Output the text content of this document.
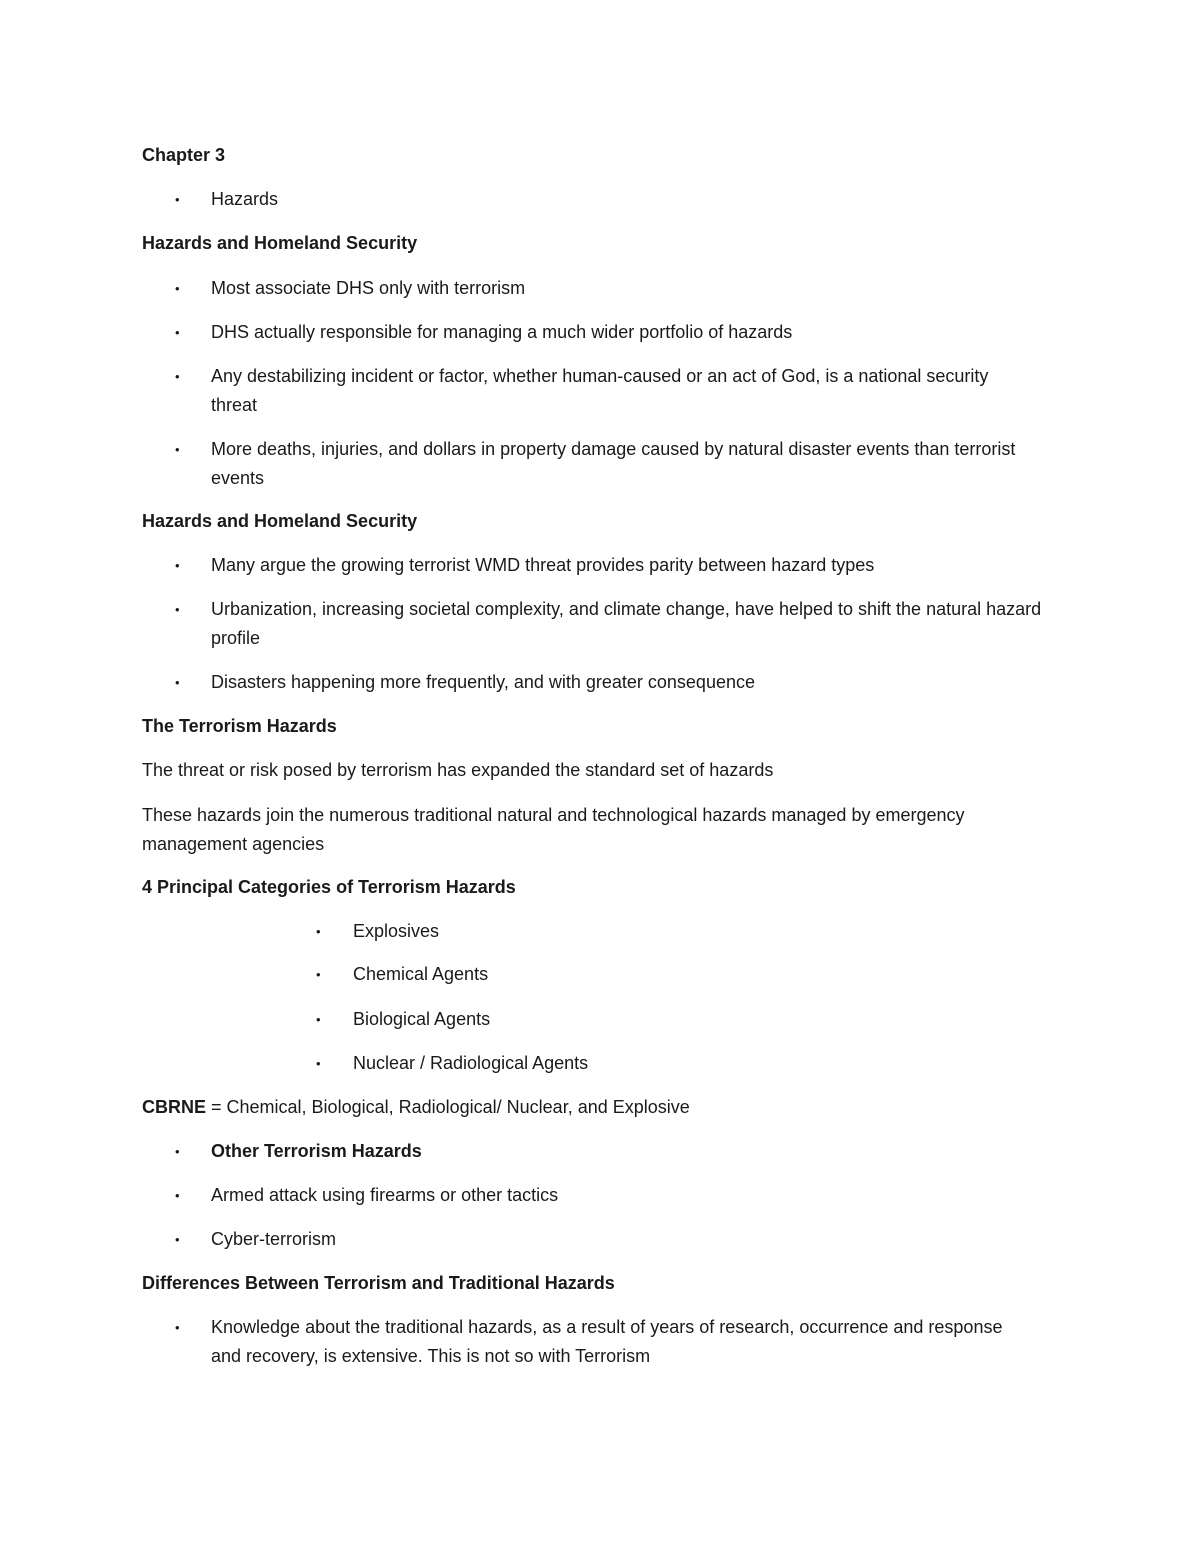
Chapter 3
• Hazards
Hazards and Homeland Security
• Most associate DHS only with terrorism
• DHS actually responsible for managing a much wider portfolio of hazards
• Any destabilizing incident or factor, whether human-caused or an act of God, is a national security threat
• More deaths, injuries, and dollars in property damage caused by natural disaster events than terrorist events
Hazards and Homeland Security
• Many argue the growing terrorist WMD threat provides parity between hazard types
• Urbanization, increasing societal complexity, and climate change, have helped to shift the natural hazard profile
• Disasters happening more frequently, and with greater consequence
The Terrorism Hazards
The threat or risk posed by terrorism has expanded the standard set of hazards
These hazards join the numerous traditional natural and technological hazards managed by emergency management agencies
4 Principal Categories of Terrorism Hazards
• Explosives
• Chemical Agents
• Biological Agents
• Nuclear / Radiological Agents
CBRNE = Chemical, Biological, Radiological/ Nuclear, and Explosive
• Other Terrorism Hazards
• Armed attack using firearms or other tactics
• Cyber-terrorism
Differences Between Terrorism and Traditional Hazards
• Knowledge about the traditional hazards, as a result of years of research, occurrence and response and recovery, is extensive. This is not so with Terrorism
